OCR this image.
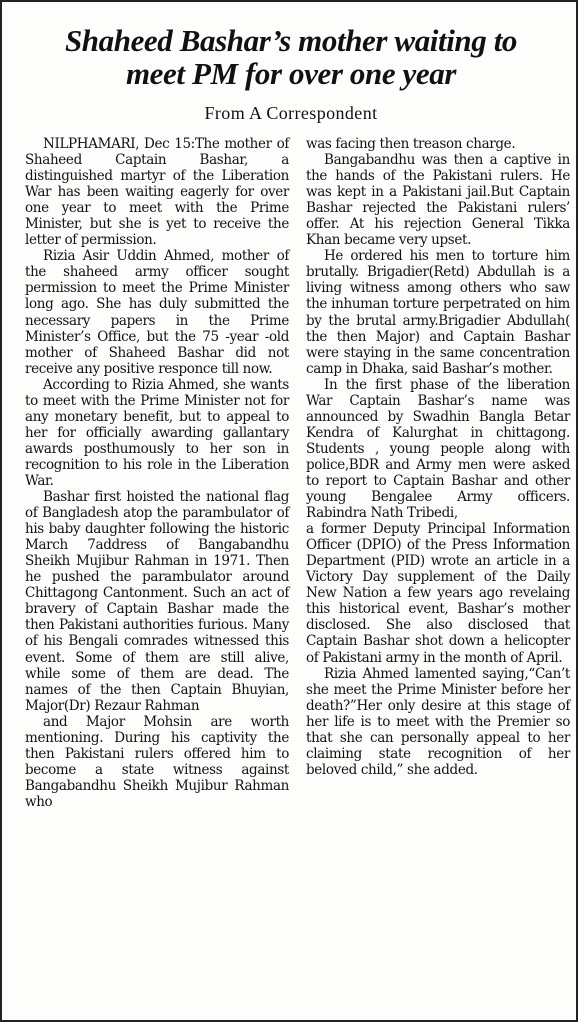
Shaheed Bashar’s mother waiting to
meet PM for over one year
From A Correspondent

NILPHAMARI, Dec 15:The mother of Shaheed Captain Bashar, a distinguished martyr of the Liberation War has been waiting eagerly for over one year to meet with the Prime Minister, but she is yet to receive the letter of permission.

Rizia Asir Uddin Ahmed, mother of the shaheed army officer sought permission to meet the Prime Minister long ago. She has duly submitted the necessary papers in the Prime Minister’s Office, but the 75 -year -old mother of Shaheed Bashar did not receive any positive responce till now.

According to Rizia Ahmed, she wants to meet with the Prime Minister not for any monetary benefit, but to appeal to her for officially awarding gallantary awards posthumously to her son in recognition to his role in the Liberation War.

Bashar first hoisted the national flag of Bangladesh atop the parambulator of his baby daughter following the historic March 7address of Bangabandhu Sheikh Mujibur Rahman in 1971. Then he pushed the parambulator around Chittagong Cantonment. Such an act of bravery of Captain Bashar made the then Pakistani authorities furious. Many of his Bengali comrades witnessed this event. Some of them are still alive, while some of them are dead. The names of the then Captain Bhuyian, Major(Dr) Rezaur Rahman

and Major Mohsin are worth mentioning. During his captivity the then Pakistani rulers offered him to become a state witness against Bangabandhu Sheikh Mujibur Rahman who

was facing then treason charge.

Bangabandhu was then a captive in the hands of the Pakistani rulers. He was kept in a Pakistani jail.But Captain Bashar rejected the Pakistani rulers’ offer. At his rejection General Tikka Khan became very upset.

He ordered his men to torture him brutally. Brigadier(Retd) Abdullah is a living witness among others who saw the inhuman torture perpetrated on him by the brutal army.Brigadier Abdullah( the then Major) and Captain Bashar were staying in the same concentration camp in Dhaka, said Bashar’s mother.

In the first phase of the liberation War Captain Bashar’s name was announced by Swadhin Bangla Betar Kendra of Kalurghat in chittagong. Students , young people along with police,BDR and Army men were asked to report to Captain Bashar and other young Bengalee Army officers. Rabindra Nath Tribedi,

a former Deputy Principal Information Officer (DPIO) of the Press Information Department (PID) wrote an article in a Victory Day supplement of the Daily New Nation a few years ago revelaing this historical event, Bashar’s mother disclosed. She also disclosed that Captain Bashar shot down a helicopter of Pakistani army in the month of April.

Rizia Ahmed lamented saying,“Can’t she meet the Prime Minister before her death?”Her only desire at this stage of her life is to meet with the Premier so that she can personally appeal to her claiming state recognition of her beloved child,” she added.
